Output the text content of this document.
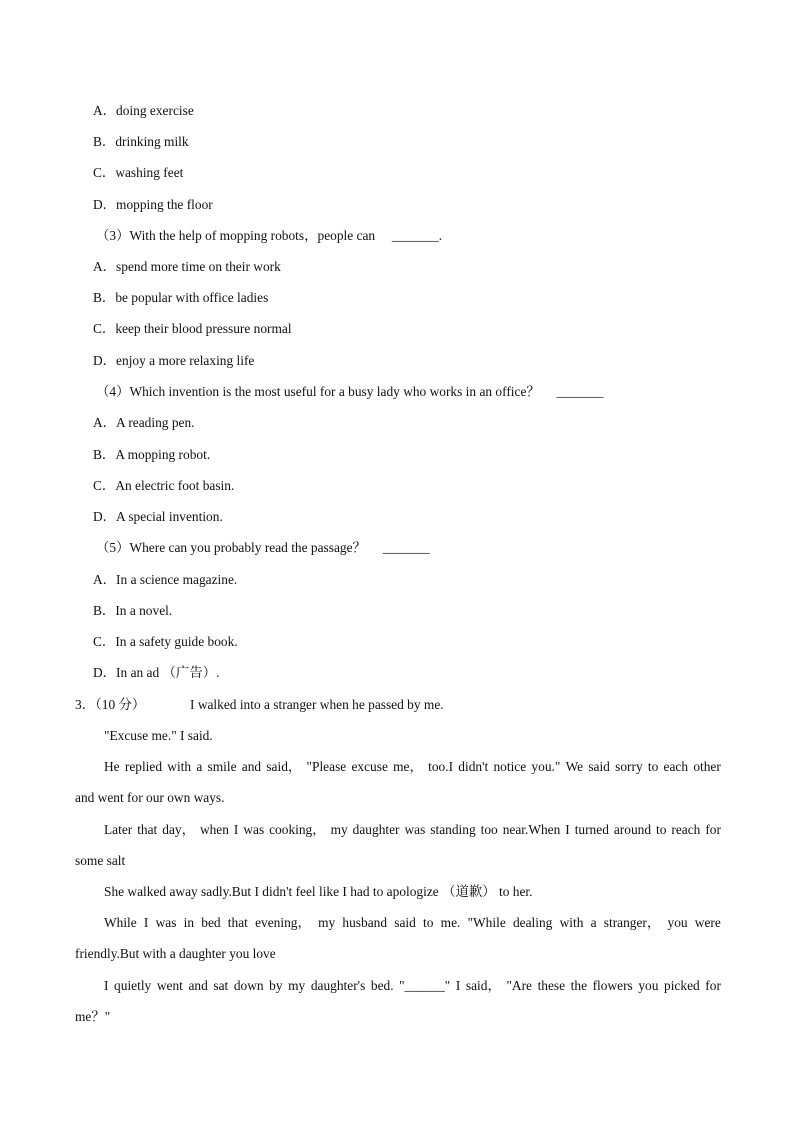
A．doing exercise
B．drinking milk
C．washing feet
D．mopping the floor
（3）With the help of mopping robots，people can _______.
A．spend more time on their work
B．be popular with office ladies
C．keep their blood pressure normal
D．enjoy a more relaxing life
（4）Which invention is the most useful for a busy lady who works in an office？ _______
A．A reading pen.
B．A mopping robot.
C．An electric foot basin.
D．A special invention.
（5）Where can you probably read the passage？ _______
A．In a science magazine.
B．In a novel.
C．In a safety guide book.
D．In an ad （广告）.
3．（10 分）	I walked into a stranger when he passed by me.
"Excuse me." I said.
He replied with a smile and said， "Please excuse me， too.I didn't notice you." We said sorry to each other
and went for our own ways.
Later that day， when I was cooking， my daughter was standing too near.When I turned around to reach for
some salt
She walked away sadly.But I didn't feel like I had to apologize （道歉） to her.
While I was in bed that evening， my husband said to me. "While dealing with a stranger， you were
friendly.But with a daughter you love
I quietly went and sat down by my daughter's bed. "______" I said， "Are these the flowers you picked for
me？"
